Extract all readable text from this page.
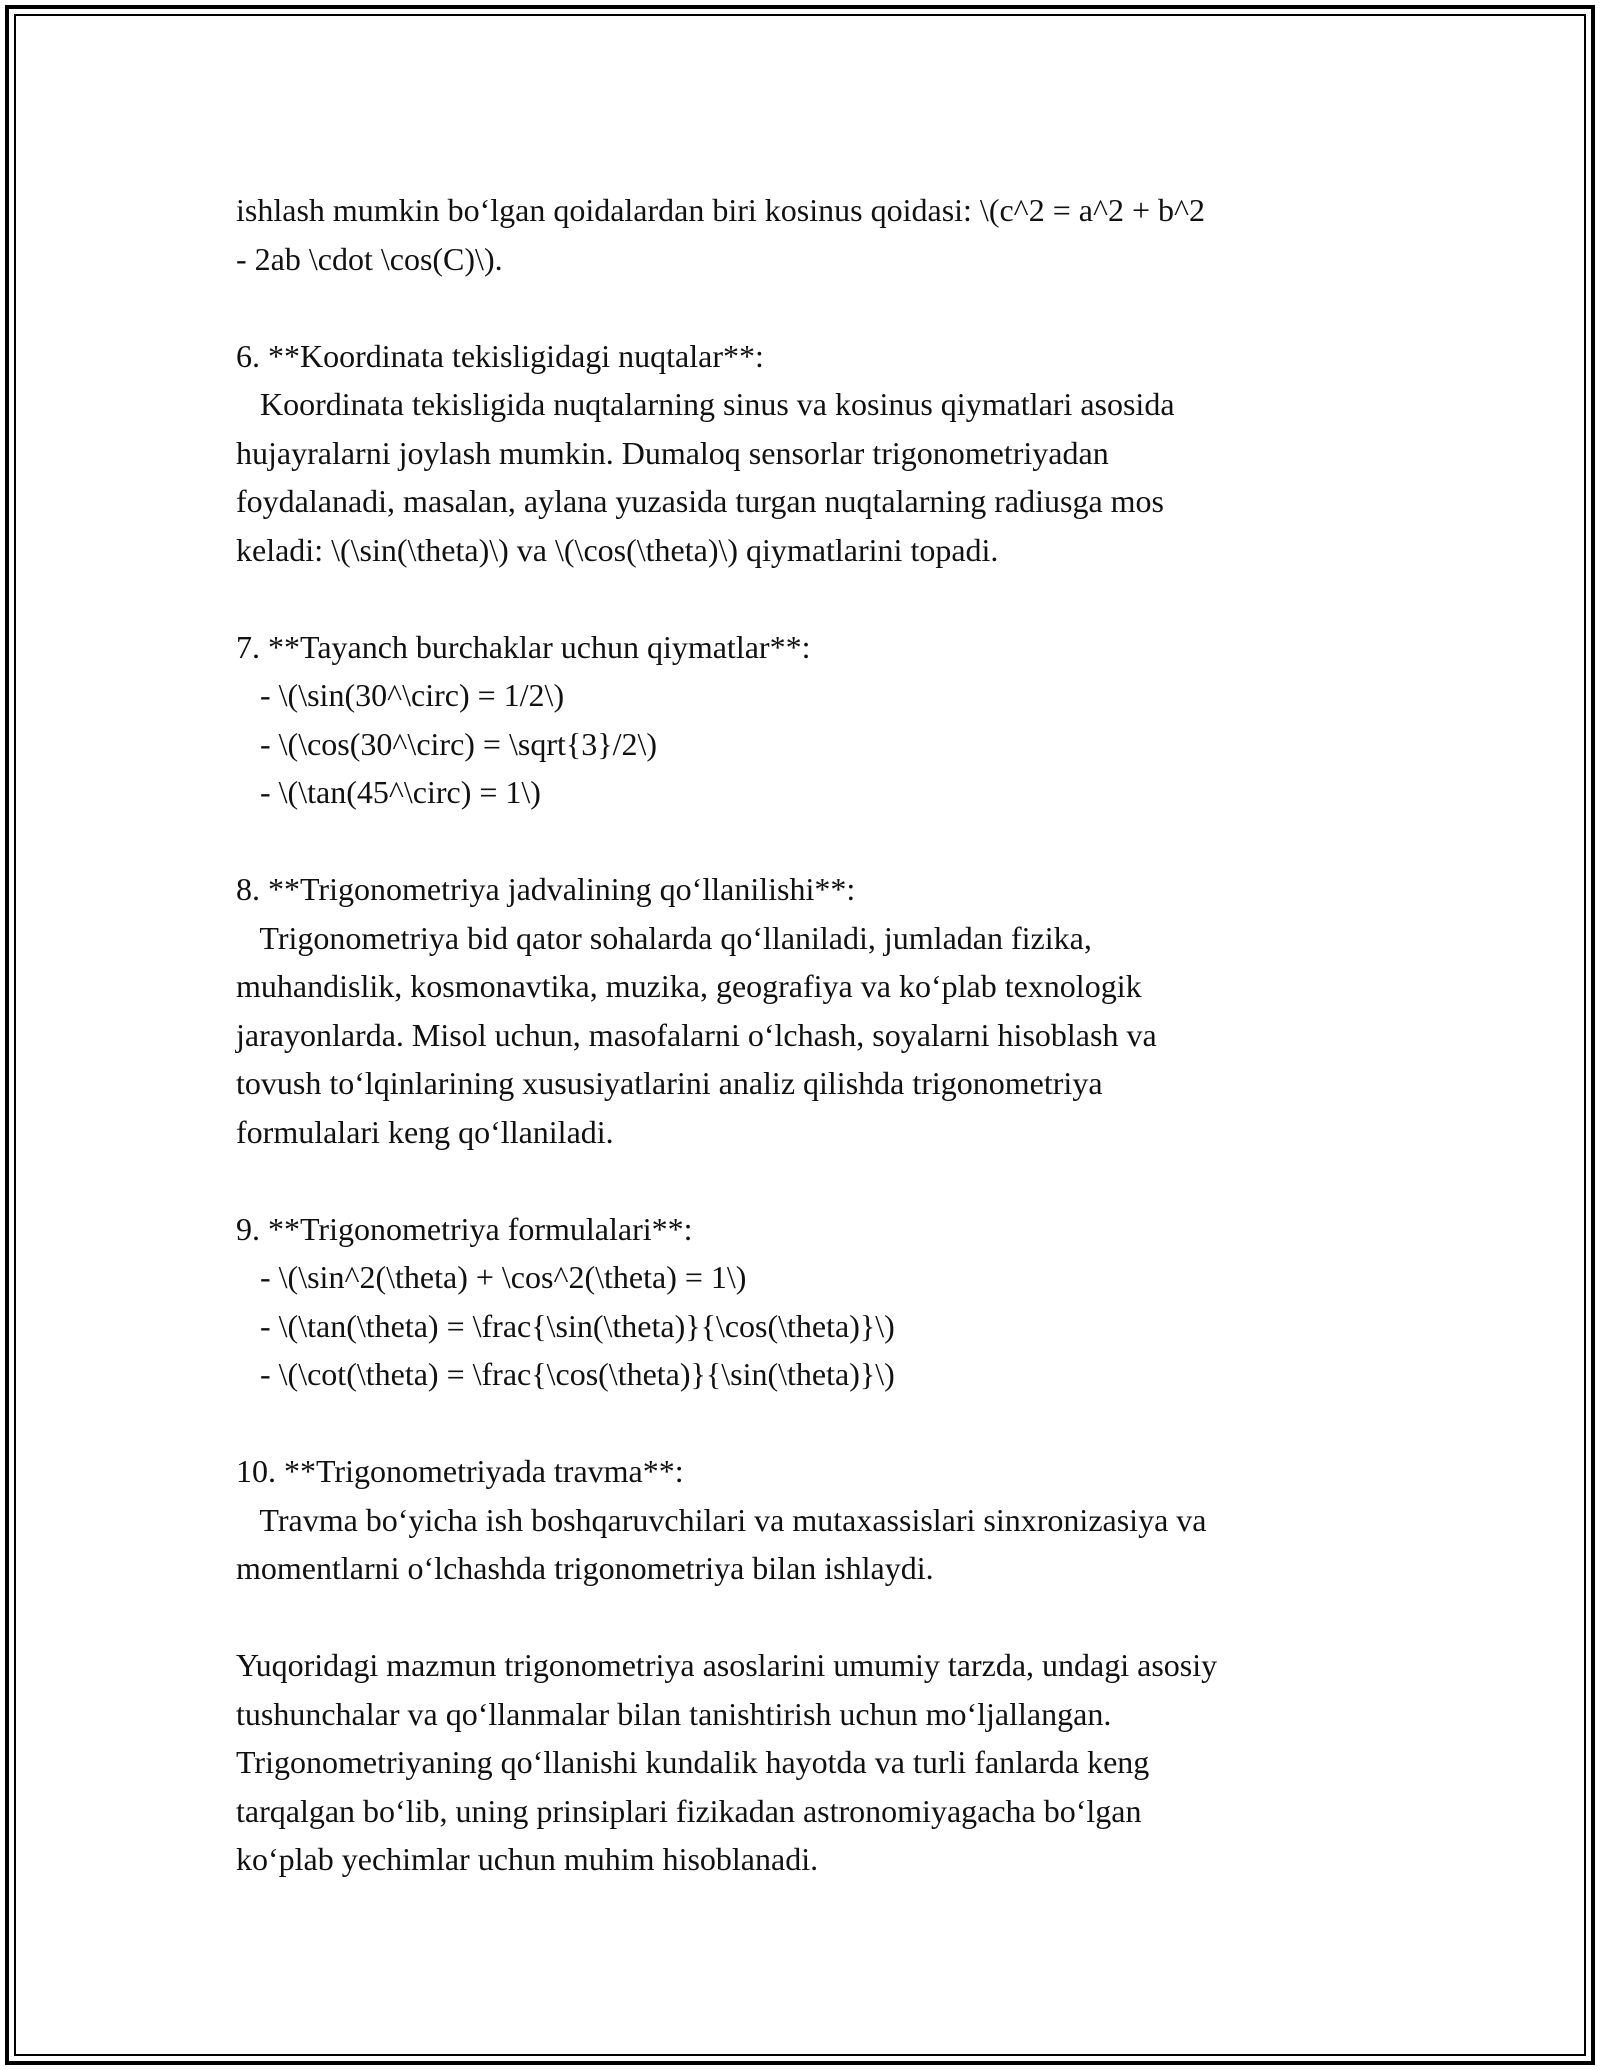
ishlash mumkin bo‘lgan qoidalardan biri kosinus qoidasi: \(c^2 = a^2 + b^2
- 2ab \cdot \cos(C)\).
6. **Koordinata tekisligidagi nuqtalar**:
Koordinata tekisligida nuqtalarning sinus va kosinus qiymatlari asosida
hujayralarni joylash mumkin. Dumaloq sensorlar trigonometriyadan
foydalanadi, masalan, aylana yuzasida turgan nuqtalarning radiusga mos
keladi: \(\sin(\theta)\) va \(\cos(\theta)\) qiymatlarini topadi.
7. **Tayanch burchaklar uchun qiymatlar**:
- \(\sin(30^\circ) = 1/2\)
- \(\cos(30^\circ) = \sqrt{3}/2\)
- \(\tan(45^\circ) = 1\)
8. **Trigonometriya jadvalining qo‘llanilishi**:
Trigonometriya bid qator sohalarda qo‘llaniladi, jumladan fizika,
muhandislik, kosmonavtika, muzika, geografiya va ko‘plab texnologik
jarayonlarda. Misol uchun, masofalarni o‘lchash, soyalarni hisoblash va
tovush to‘lqinlarining xususiyatlarini analiz qilishda trigonometriya
formulalari keng qo‘llaniladi.
9. **Trigonometriya formulalari**:
- \(\sin^2(\theta) + \cos^2(\theta) = 1\)
- \(\tan(\theta) = \frac{\sin(\theta)}{\cos(\theta)}\)
- \(\cot(\theta) = \frac{\cos(\theta)}{\sin(\theta)}\)
10. **Trigonometriyada travma**:
Travma bo‘yicha ish boshqaruvchilari va mutaxassislari sinxronizasiya va
momentlarni o‘lchashda trigonometriya bilan ishlaydi.
Yuqoridagi mazmun trigonometriya asoslarini umumiy tarzda, undagi asosiy
tushunchalar va qo‘llanmalar bilan tanishtirish uchun mo‘ljallangan.
Trigonometriyaning qo‘llanishi kundalik hayotda va turli fanlarda keng
tarqalgan bo‘lib, uning prinsiplari fizikadan astronomiyagacha bo‘lgan
ko‘plab yechimlar uchun muhim hisoblanadi.
